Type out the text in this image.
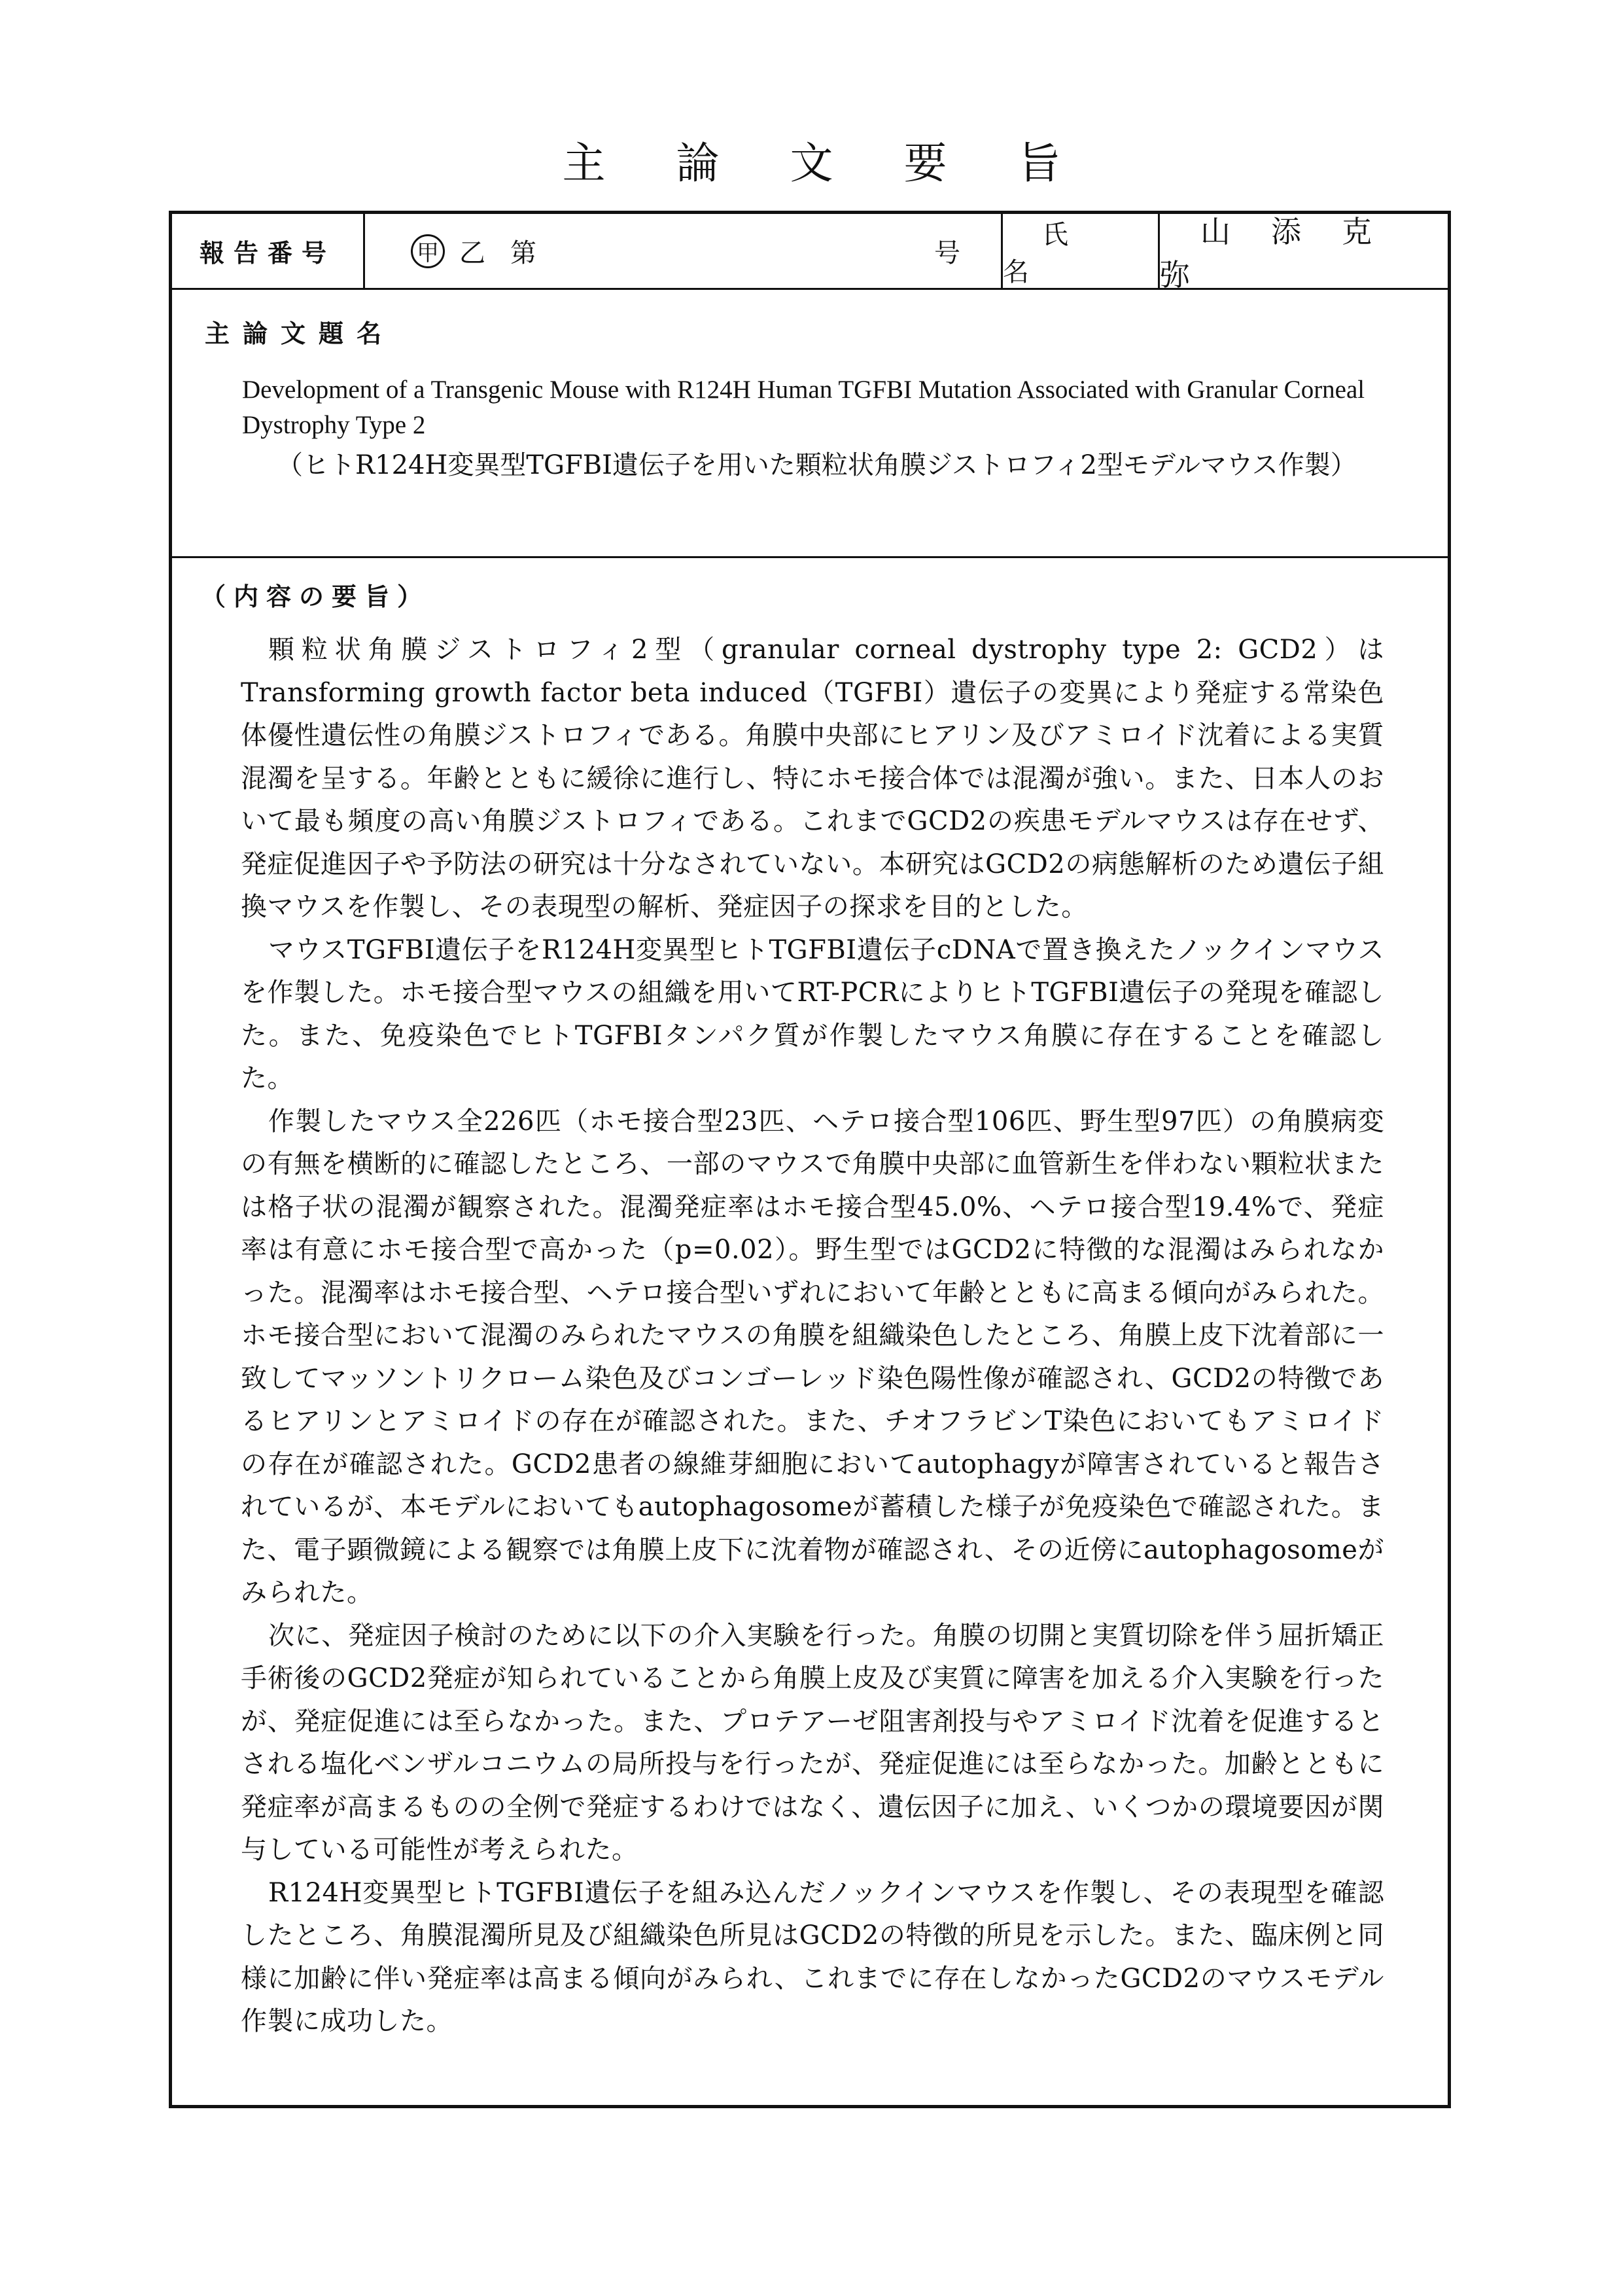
主論文要旨
報告番号	甲 乙 第	号
氏名
山添克弥
主論文題名
Development of a Transgenic Mouse with R124H Human TGFBI Mutation Associated with Granular Corneal Dystrophy Type 2
（ヒトR124H変異型TGFBI遺伝子を用いた顆粒状角膜ジストロフィ2型モデルマウス作製）
（内容の要旨）

顆粒状角膜ジストロフィ2型（granular corneal dystrophy type 2: GCD2）はTransforming growth factor beta induced（TGFBI）遺伝子の変異により発症する常染色体優性遺伝性の角膜ジストロフィである。角膜中央部にヒアリン及びアミロイド沈着による実質混濁を呈する。年齢とともに緩徐に進行し、特にホモ接合体では混濁が強い。また、日本人のおいて最も頻度の高い角膜ジストロフィである。これまでGCD2の疾患モデルマウスは存在せず、発症促進因子や予防法の研究は十分なされていない。本研究はGCD2の病態解析のため遺伝子組換マウスを作製し、その表現型の解析、発症因子の探求を目的とした。

マウスTGFBI遺伝子をR124H変異型ヒトTGFBI遺伝子cDNAで置き換えたノックインマウスを作製した。ホモ接合型マウスの組織を用いてRT-PCRによりヒトTGFBI遺伝子の発現を確認した。また、免疫染色でヒトTGFBIタンパク質が作製したマウス角膜に存在することを確認した。

作製したマウス全226匹（ホモ接合型23匹、ヘテロ接合型106匹、野生型97匹）の角膜病変の有無を横断的に確認したところ、一部のマウスで角膜中央部に血管新生を伴わない顆粒状または格子状の混濁が観察された。混濁発症率はホモ接合型45.0%、ヘテロ接合型19.4%で、発症率は有意にホモ接合型で高かった（p=0.02）。野生型ではGCD2に特徴的な混濁はみられなかった。混濁率はホモ接合型、ヘテロ接合型いずれにおいて年齢とともに高まる傾向がみられた。ホモ接合型において混濁のみられたマウスの角膜を組織染色したところ、角膜上皮下沈着部に一致してマッソントリクローム染色及びコンゴーレッド染色陽性像が確認され、GCD2の特徴であるヒアリンとアミロイドの存在が確認された。また、チオフラビンT染色においてもアミロイドの存在が確認された。GCD2患者の線維芽細胞においてautophagyが障害されていると報告されているが、本モデルにおいてもautophagosomeが蓄積した様子が免疫染色で確認された。また、電子顕微鏡による観察では角膜上皮下に沈着物が確認され、その近傍にautophagosomeがみられた。

次に、発症因子検討のために以下の介入実験を行った。角膜の切開と実質切除を伴う屈折矯正手術後のGCD2発症が知られていることから角膜上皮及び実質に障害を加える介入実験を行ったが、発症促進には至らなかった。また、プロテアーゼ阻害剤投与やアミロイド沈着を促進するとされる塩化ベンザルコニウムの局所投与を行ったが、発症促進には至らなかった。加齢とともに発症率が高まるものの全例で発症するわけではなく、遺伝因子に加え、いくつかの環境要因が関与している可能性が考えられた。

R124H変異型ヒトTGFBI遺伝子を組み込んだノックインマウスを作製し、その表現型を確認したところ、角膜混濁所見及び組織染色所見はGCD2の特徴的所見を示した。また、臨床例と同様に加齢に伴い発症率は高まる傾向がみられ、これまでに存在しなかったGCD2のマウスモデル作製に成功した。
